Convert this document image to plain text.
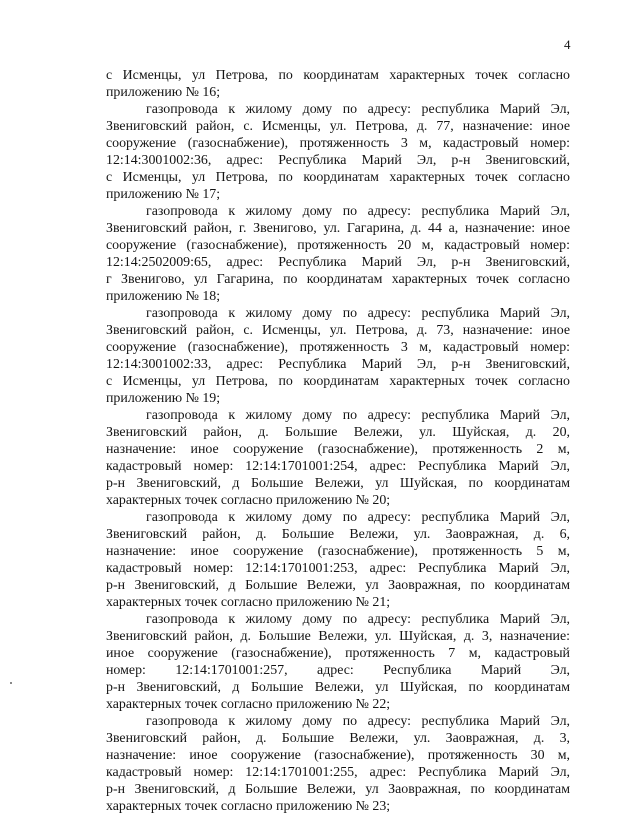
4
с Исменцы, ул Петрова, по координатам характерных точек согласно
приложению № 16;
газопровода к жилому дому по адресу: республика Марий Эл,
Звениговский район, с. Исменцы, ул. Петрова, д. 77, назначение: иное
сооружение (газоснабжение), протяженность 3 м, кадастровый номер:
12:14:3001002:36, адрес: Республика Марий Эл, р-н Звениговский,
с Исменцы, ул Петрова, по координатам характерных точек согласно
приложению № 17;
газопровода к жилому дому по адресу: республика Марий Эл,
Звениговский район, г. Звенигово, ул. Гагарина, д. 44 а, назначение: иное
сооружение (газоснабжение), протяженность 20 м, кадастровый номер:
12:14:2502009:65, адрес: Республика Марий Эл, р-н Звениговский,
г Звенигово, ул Гагарина, по координатам характерных точек согласно
приложению № 18;
газопровода к жилому дому по адресу: республика Марий Эл,
Звениговский район, с. Исменцы, ул. Петрова, д. 73, назначение: иное
сооружение (газоснабжение), протяженность 3 м, кадастровый номер:
12:14:3001002:33, адрес: Республика Марий Эл, р-н Звениговский,
с Исменцы, ул Петрова, по координатам характерных точек согласно
приложению № 19;
газопровода к жилому дому по адресу: республика Марий Эл,
Звениговский район, д. Большие Вележи, ул. Шуйская, д. 20,
назначение: иное сооружение (газоснабжение), протяженность 2 м,
кадастровый номер: 12:14:1701001:254, адрес: Республика Марий Эл,
р-н Звениговский, д Большие Вележи, ул Шуйская, по координатам
характерных точек согласно приложению № 20;
газопровода к жилому дому по адресу: республика Марий Эл,
Звениговский район, д. Большие Вележи, ул. Заовражная, д. 6,
назначение: иное сооружение (газоснабжение), протяженность 5 м,
кадастровый номер: 12:14:1701001:253, адрес: Республика Марий Эл,
р-н Звениговский, д Большие Вележи, ул Заовражная, по координатам
характерных точек согласно приложению № 21;
газопровода к жилому дому по адресу: республика Марий Эл,
Звениговский район, д. Большие Вележи, ул. Шуйская, д. 3, назначение:
иное сооружение (газоснабжение), протяженность 7 м, кадастровый
номер: 12:14:1701001:257, адрес: Республика Марий Эл,
р-н Звениговский, д Большие Вележи, ул Шуйская, по координатам
характерных точек согласно приложению № 22;
газопровода к жилому дому по адресу: республика Марий Эл,
Звениговский район, д. Большие Вележи, ул. Заовражная, д. 3,
назначение: иное сооружение (газоснабжение), протяженность 30 м,
кадастровый номер: 12:14:1701001:255, адрес: Республика Марий Эл,
р-н Звениговский, д Большие Вележи, ул Заовражная, по координатам
характерных точек согласно приложению № 23;
